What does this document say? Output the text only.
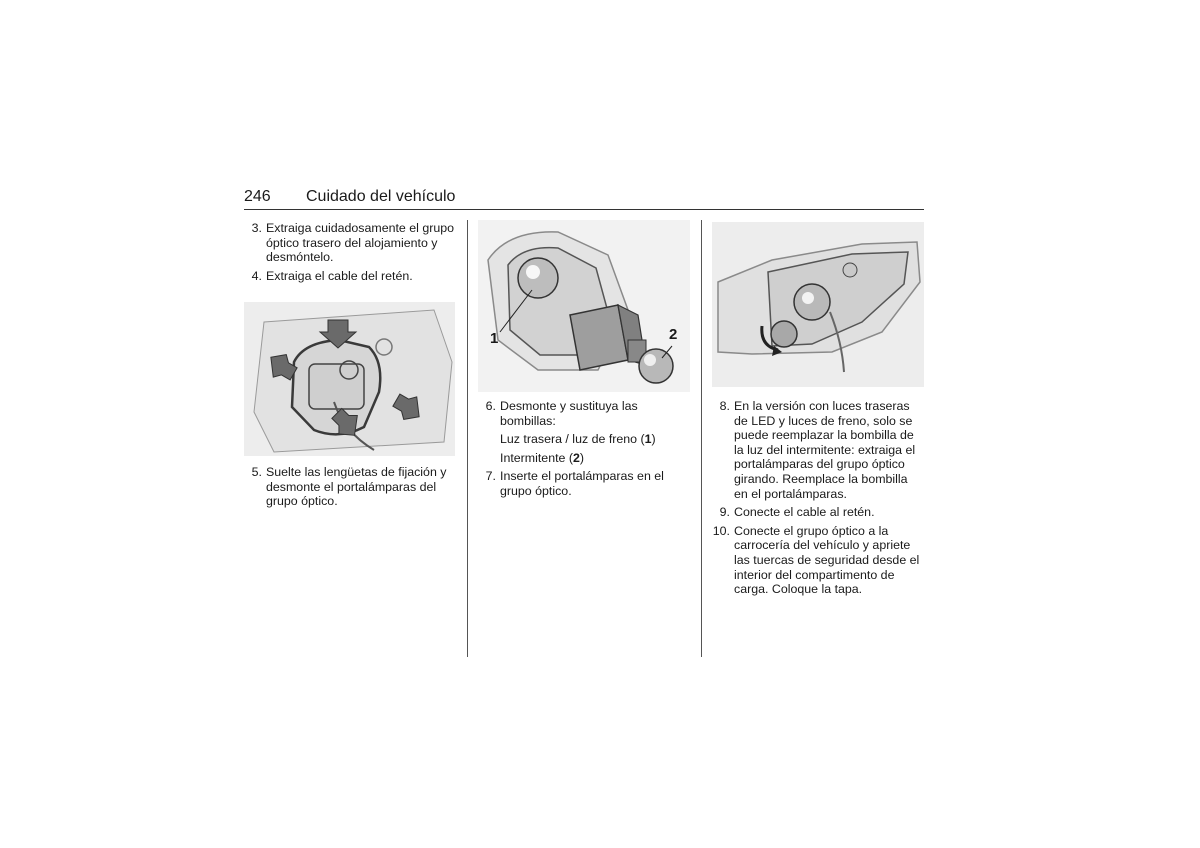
246 Cuidado del vehículo
3. Extraiga cuidadosamente el grupo óptico trasero del alojamiento y desmóntelo.
4. Extraiga el cable del retén.
5. Suelte las lengüetas de fijación y desmonte el portalámparas del grupo óptico.
1	2
6. Desmonte y sustituya las bombillas:
Luz trasera / luz de freno (1)
Intermitente (2)
7. Inserte el portalámparas en el grupo óptico.
8. En la versión con luces traseras de LED y luces de freno, solo se puede reemplazar la bombilla de la luz del intermitente: extraiga el portalámparas del grupo óptico girando. Reemplace la bombilla en el portalámparas.
9. Conecte el cable al retén.
10. Conecte el grupo óptico a la carrocería del vehículo y apriete las tuercas de seguridad desde el interior del compartimento de carga. Coloque la tapa.
